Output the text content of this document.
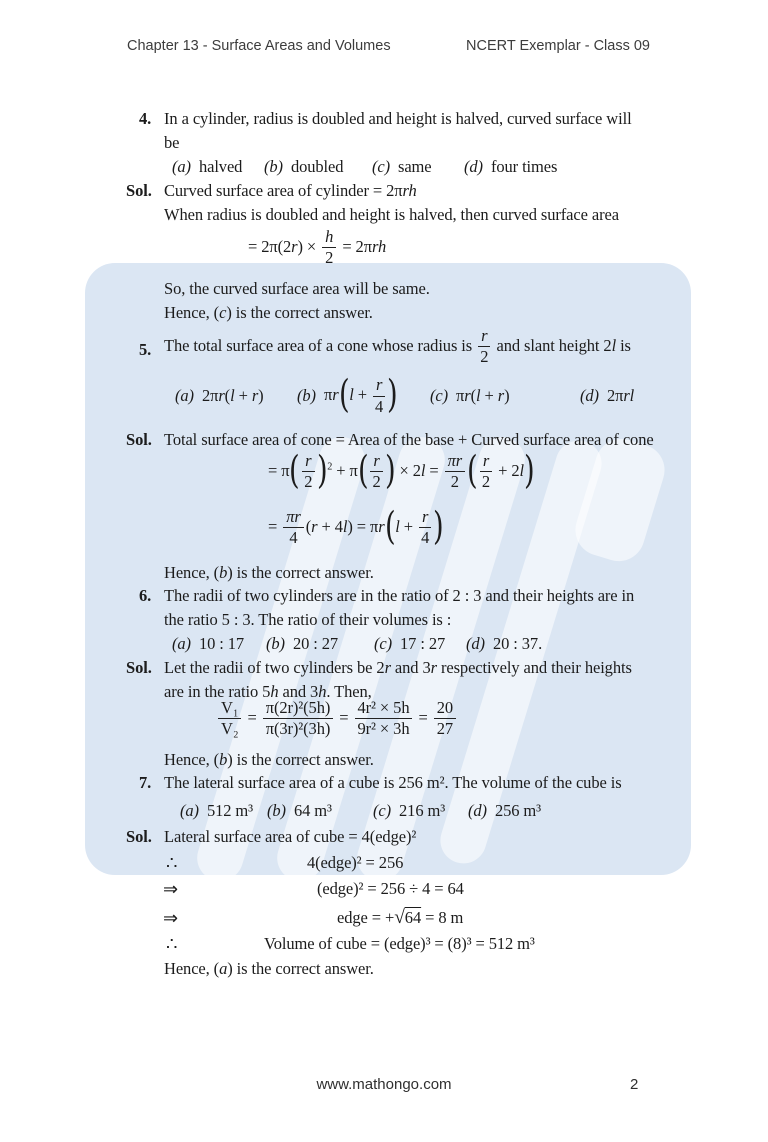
Chapter 13 - Surface Areas and Volumes	NCERT Exemplar - Class 09
4. In a cylinder, radius is doubled and height is halved, curved surface will
be
(a) halved (b) doubled (c) same (d) four times
Sol. Curved surface area of cylinder = 2πrh
When radius is doubled and height is halved, then curved surface area
= $2\pi(2r) \times \frac{h}{2} = 2\pi rh$
So, the curved surface area will be same.
Hence, (c) is the correct answer.
5. The total surface area of a cone whose radius is $\frac{r}{2}$ and slant height 2l is
(a) 2πr(l + r) (b) $\pi r(l + \frac{r}{4}$ ) (c) πr(l + r)	(d) 2πrl
Sol. Total surface area of cone = Area of the base + Curved surface area of cone
= $\pi( \frac{r}{2} )^2 + \pi( \frac{r}{2}$ ) × $2l = \frac{\pi r}{2}$ ( $\frac{r}{2} + 2l$)
= $\frac{\pi r}{4} (r + 4l) = \pi r(l + \frac{r}{4}$ )
Hence, (b) is the correct answer.
6. The radii of two cylinders are in the ratio of 2 : 3 and their heights are in
the ratio 5 : 3. The ratio of their volumes is :
(a) 10 : 17 (b) 20 : 27 (c) 17 : 27 (d) 20 : 37.
Sol. Let the radii of two cylinders be 2r and 3r respectively and their heights
are in the ratio 5h and 3h. Then,
$\frac{\text{V₁}}{\text{V₂}} = \frac{\text{π(2r)²(5h)}}{\text{π(3r)²(3h)}} = \frac{\text{4r² × 5h}}{\text{9r² × 3h}} = \frac{20}{27}$
Hence, (b) is the correct answer.
7. The lateral surface area of a cube is 256 m². The volume of the cube is
(a) 512 m³ (b) 64 m³ (c) 216 m³ (d) 256 m³
Sol. Lateral surface area of cube = 4(edge)²
∴	4(edge)² = 256
⇒	(edge)² = 256 ÷ 4 = 64
⇒	edge = +√64 = 8 m
∴	Volume of cube = (edge)³ = (8)³ = 512 m³
Hence, (a) is the correct answer.
www.mathongo.com	2
